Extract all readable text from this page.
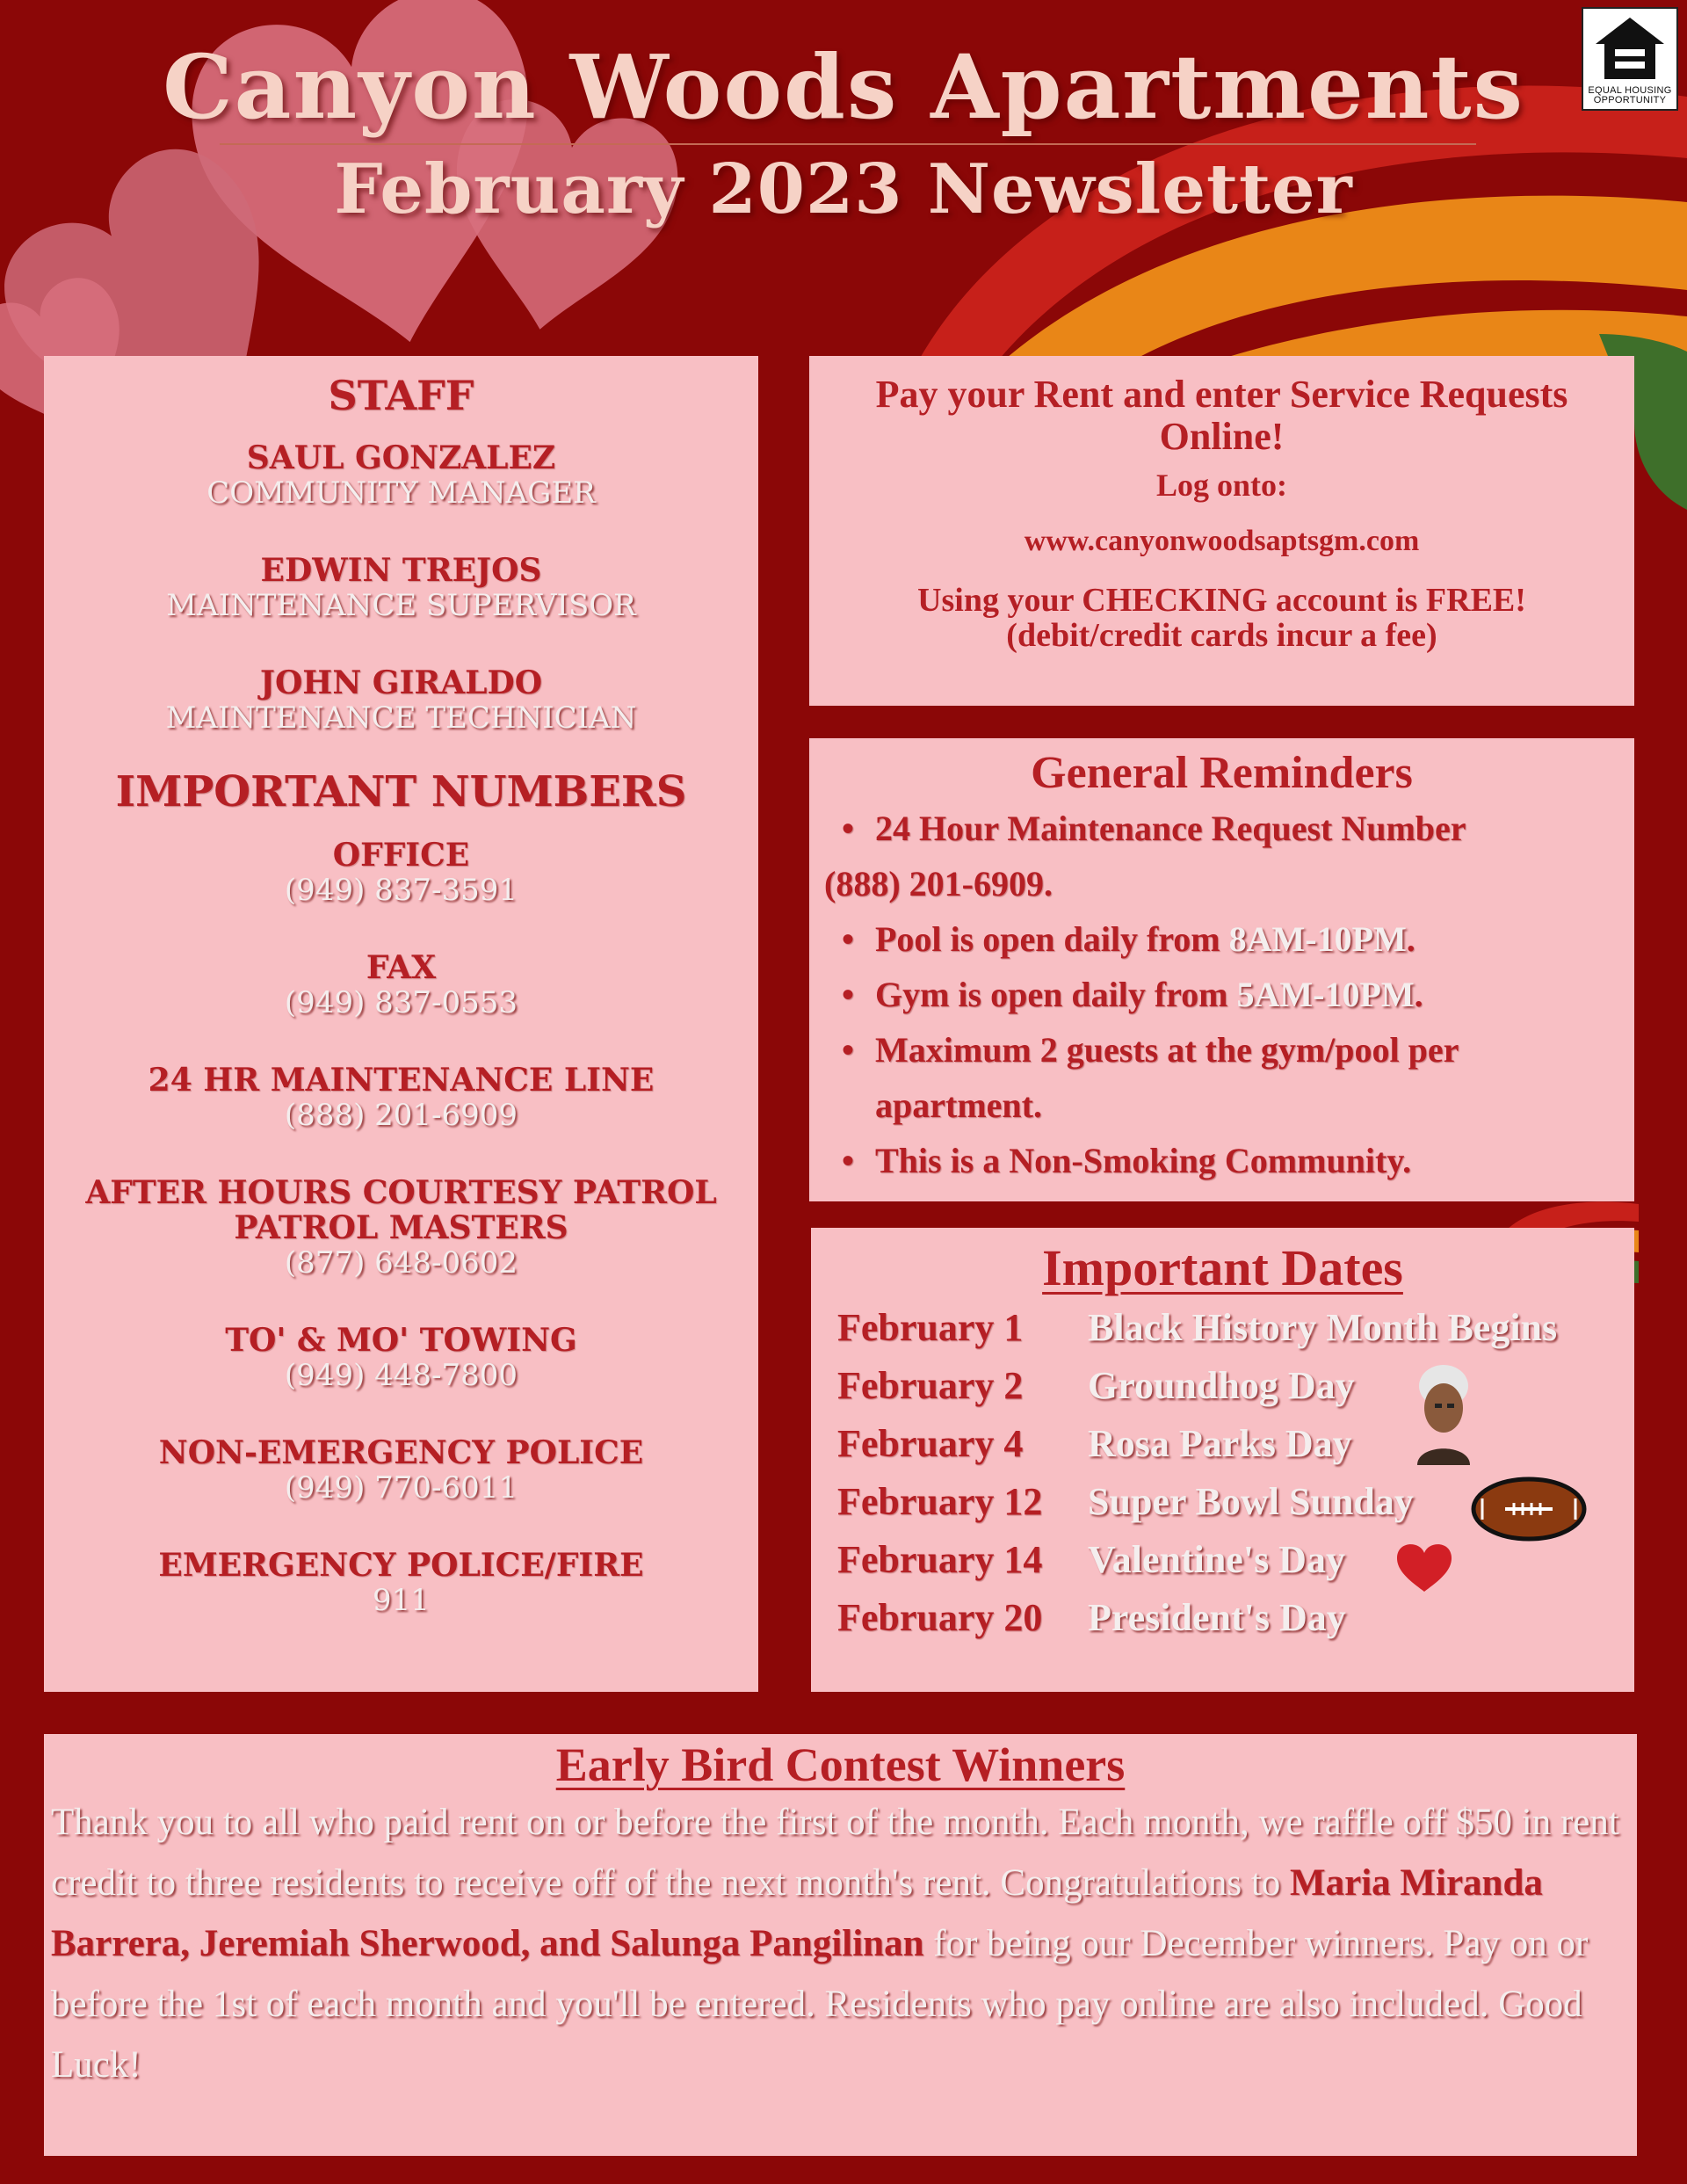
EQUAL HOUSING OPPORTUNITY
Canyon Woods Apartments
February 2023 Newsletter
STAFF
SAUL GONZALEZ
COMMUNITY MANAGER
EDWIN TREJOS
MAINTENANCE SUPERVISOR
JOHN GIRALDO
MAINTENANCE TECHNICIAN
IMPORTANT NUMBERS
OFFICE
(949) 837-3591
FAX
(949) 837-0553
24 HR MAINTENANCE LINE
(888) 201-6909
AFTER HOURS COURTESY PATROL
PATROL MASTERS
(877) 648-0602
TO' & MO' TOWING
(949) 448-7800
NON-EMERGENCY POLICE
(949) 770-6011
EMERGENCY POLICE/FIRE
911
Pay your Rent and enter Service Requests
Online!
Log onto:
www.canyonwoodsaptsgm.com
Using your CHECKING account is FREE!
(debit/credit cards incur a fee)
General Reminders
• 24 Hour Maintenance Request Number
(888) 201-6909.
• Pool is open daily from 8AM-10PM.
• Gym is open daily from 5AM-10PM.
• Maximum 2 guests at the gym/pool per
apartment.
• This is a Non-Smoking Community.
Important Dates
February 1	Black History Month Begins
February 2	Groundhog Day
February 4	Rosa Parks Day
February 12	Super Bowl Sunday
February 14	Valentine's Day
February 20	President's Day
Early Bird Contest Winners
Thank you to all who paid rent on or before the first of the month. Each month, we raffle off $50 in rent credit to three residents to receive off of the next month's rent. Congratulations to Maria Miranda Barrera, Jeremiah Sherwood, and Salunga Pangilinan for being our December winners. Pay on or before the 1st of each month and you'll be entered. Residents who pay online are also included. Good Luck!
